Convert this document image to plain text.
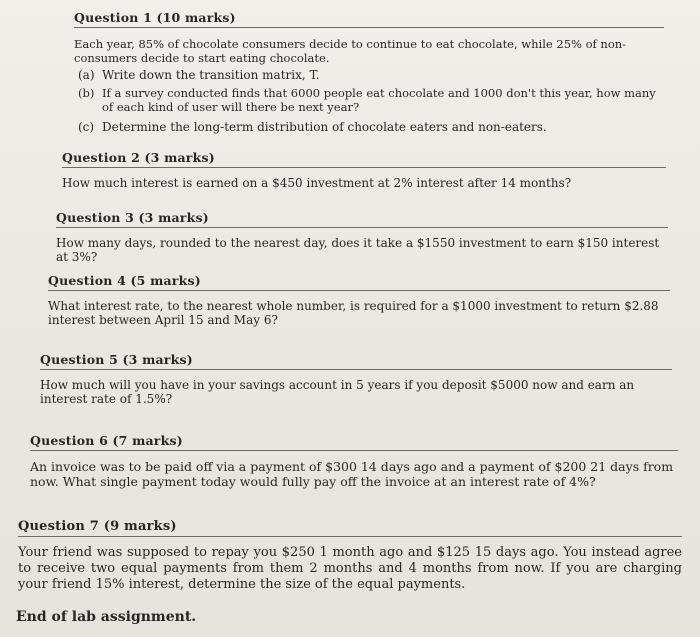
Question 1 (10 marks)
Each year, 85% of chocolate consumers decide to continue to eat chocolate, while 25% of non-consumers decide to start eating chocolate.
(a) Write down the transition matrix, T.
(b) If a survey conducted finds that 6000 people eat chocolate and 1000 don't this year, how many of each kind of user will there be next year?
(c) Determine the long-term distribution of chocolate eaters and non-eaters.
Question 2 (3 marks)
How much interest is earned on a $450 investment at 2% interest after 14 months?
Question 3 (3 marks)
How many days, rounded to the nearest day, does it take a $1550 investment to earn $150 interest at 3%?
Question 4 (5 marks)
What interest rate, to the nearest whole number, is required for a $1000 investment to return $2.88 interest between April 15 and May 6?
Question 5 (3 marks)
How much will you have in your savings account in 5 years if you deposit $5000 now and earn an interest rate of 1.5%?
Question 6 (7 marks)
An invoice was to be paid off via a payment of $300 14 days ago and a payment of $200 21 days from now. What single payment today would fully pay off the invoice at an interest rate of 4%?
Question 7 (9 marks)
Your friend was supposed to repay you $250 1 month ago and $125 15 days ago. You instead agree to receive two equal payments from them 2 months and 4 months from now. If you are charging your friend 15% interest, determine the size of the equal payments.
End of lab assignment.
